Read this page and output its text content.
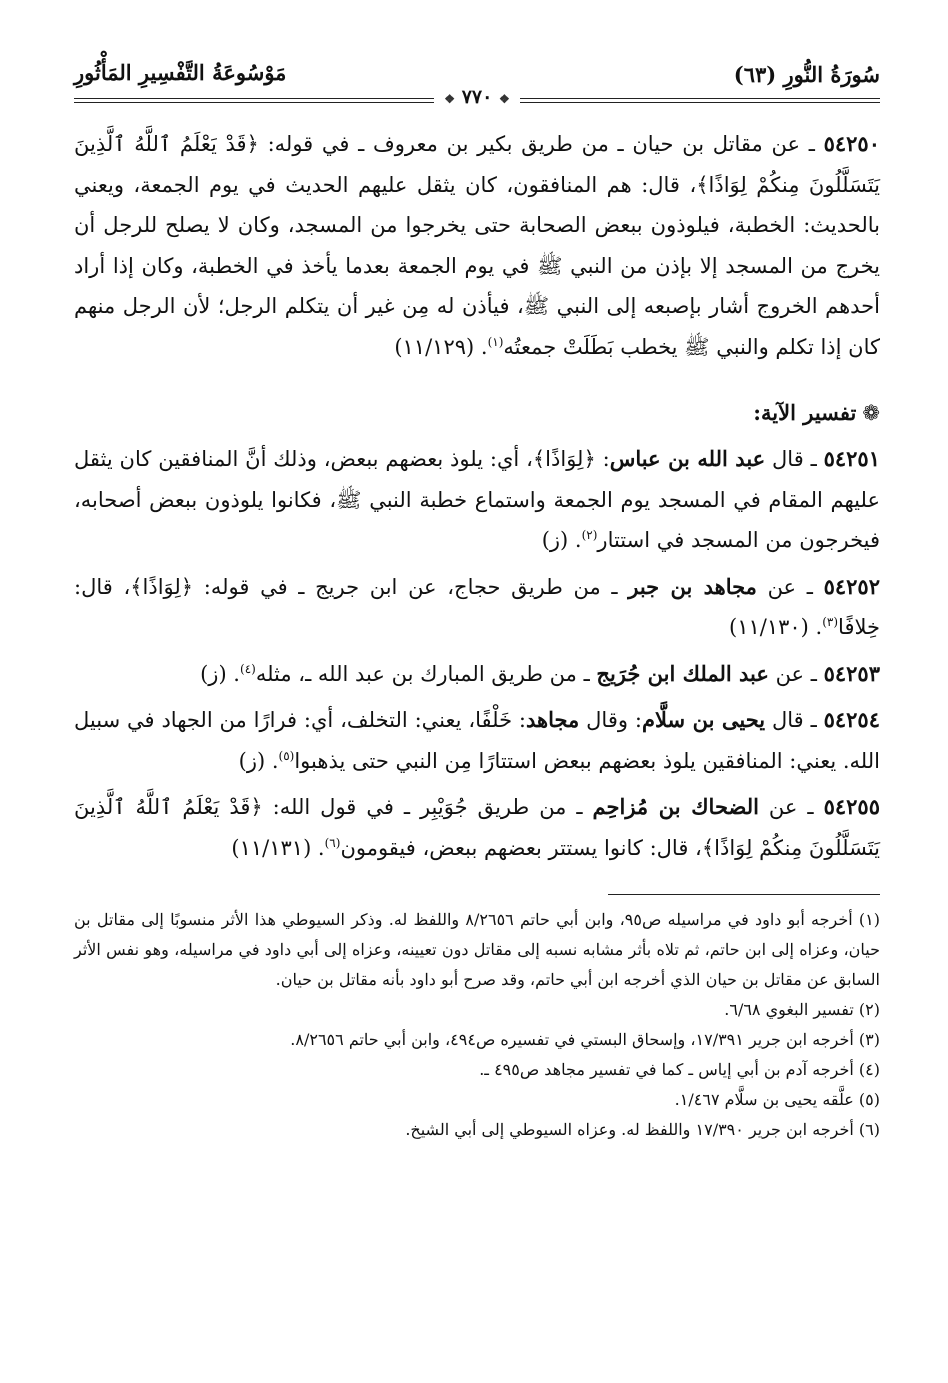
سُورَةُ النُّورِ (٦٣)
مَوْسُوعَةُ التَّفْسِيرِ المَأْثُورِ
❖ ٧٧٠ ❖

٥٤٢٥٠ ـ عن مقاتل بن حيان ـ من طريق بكير بن معروف ـ في قوله: ﴿قَدْ يَعْلَمُ ٱللَّهُ ٱلَّذِينَ يَتَسَلَّلُونَ مِنكُمْ لِوَاذًا﴾، قال: هم المنافقون، كان يثقل عليهم الحديث في يوم الجمعة، ويعني بالحديث: الخطبة، فيلوذون ببعض الصحابة حتى يخرجوا من المسجد، وكان لا يصلح للرجل أن يخرج من المسجد إلا بإذن من النبي ﷺ في يوم الجمعة بعدما يأخذ في الخطبة، وكان إذا أراد أحدهم الخروج أشار بإصبعه إلى النبي ﷺ، فيأذن له مِن غير أن يتكلم الرجل؛ لأن الرجل منهم كان إذا تكلم والنبي ﷺ يخطب بَطَلَتْ جمعتُه$^{(١)}$. (١١/١٢٩)

❁تفسير الآية:

٥٤٢٥١ ـ قال عبد الله بن عباس: ﴿لِوَاذًا﴾، أي: يلوذ بعضهم ببعض، وذلك أنَّ المنافقين كان يثقل عليهم المقام في المسجد يوم الجمعة واستماع خطبة النبي ﷺ، فكانوا يلوذون ببعض أصحابه، فيخرجون من المسجد في استتار$^{(٢)}$. (ز)

٥٤٢٥٢ ـ عن مجاهد بن جبر ـ من طريق حجاج، عن ابن جريج ـ في قوله: ﴿لِوَاذًا﴾، قال: خِلافًا$^{(٣)}$. (١١/١٣٠)

٥٤٢٥٣ ـ عن عبد الملك ابن جُرَيج ـ من طريق المبارك بن عبد الله ـ، مثله$^{(٤)}$. (ز)

٥٤٢٥٤ ـ قال يحيى بن سلَّام: وقال مجاهد: خَلْفًا، يعني: التخلف، أي: فرارًا من الجهاد في سبيل الله. يعني: المنافقين يلوذ بعضهم ببعض استتارًا مِن النبي حتى يذهبوا$^{(٥)}$. (ز)

٥٤٢٥٥ ـ عن الضحاك بن مُزاحِم ـ من طريق جُوَيْبِر ـ في قول الله: ﴿قَدْ يَعْلَمُ ٱللَّهُ ٱلَّذِينَ يَتَسَلَّلُونَ مِنكُمْ لِوَاذًا﴾، قال: كانوا يستتر بعضهم ببعض، فيقومون$^{(٦)}$. (١١/١٣١)

(١) أخرجه أبو داود في مراسيله ص٩٥، وابن أبي حاتم ٨/٢٦٥٦ واللفظ له. وذكر السيوطي هذا الأثر منسوبًا إلى مقاتل بن حيان، وعزاه إلى ابن حاتم، ثم تلاه بأثر مشابه نسبه إلى مقاتل دون تعيينه، وعزاه إلى أبي داود في مراسيله، وهو نفس الأثر السابق عن مقاتل بن حيان الذي أخرجه ابن أبي حاتم، وقد صرح أبو داود بأنه مقاتل بن حيان.

(٢) تفسير البغوي ٦/٦٨.

(٣) أخرجه ابن جرير ١٧/٣٩١، وإسحاق البستي في تفسيره ص٤٩٤، وابن أبي حاتم ٨/٢٦٥٦.

(٤) أخرجه آدم بن أبي إياس ـ كما في تفسير مجاهد ص٤٩٥ ـ.

(٥) علَّقه يحيى بن سلَّام ١/٤٦٧.

(٦) أخرجه ابن جرير ١٧/٣٩٠ واللفظ له. وعزاه السيوطي إلى أبي الشيخ.
